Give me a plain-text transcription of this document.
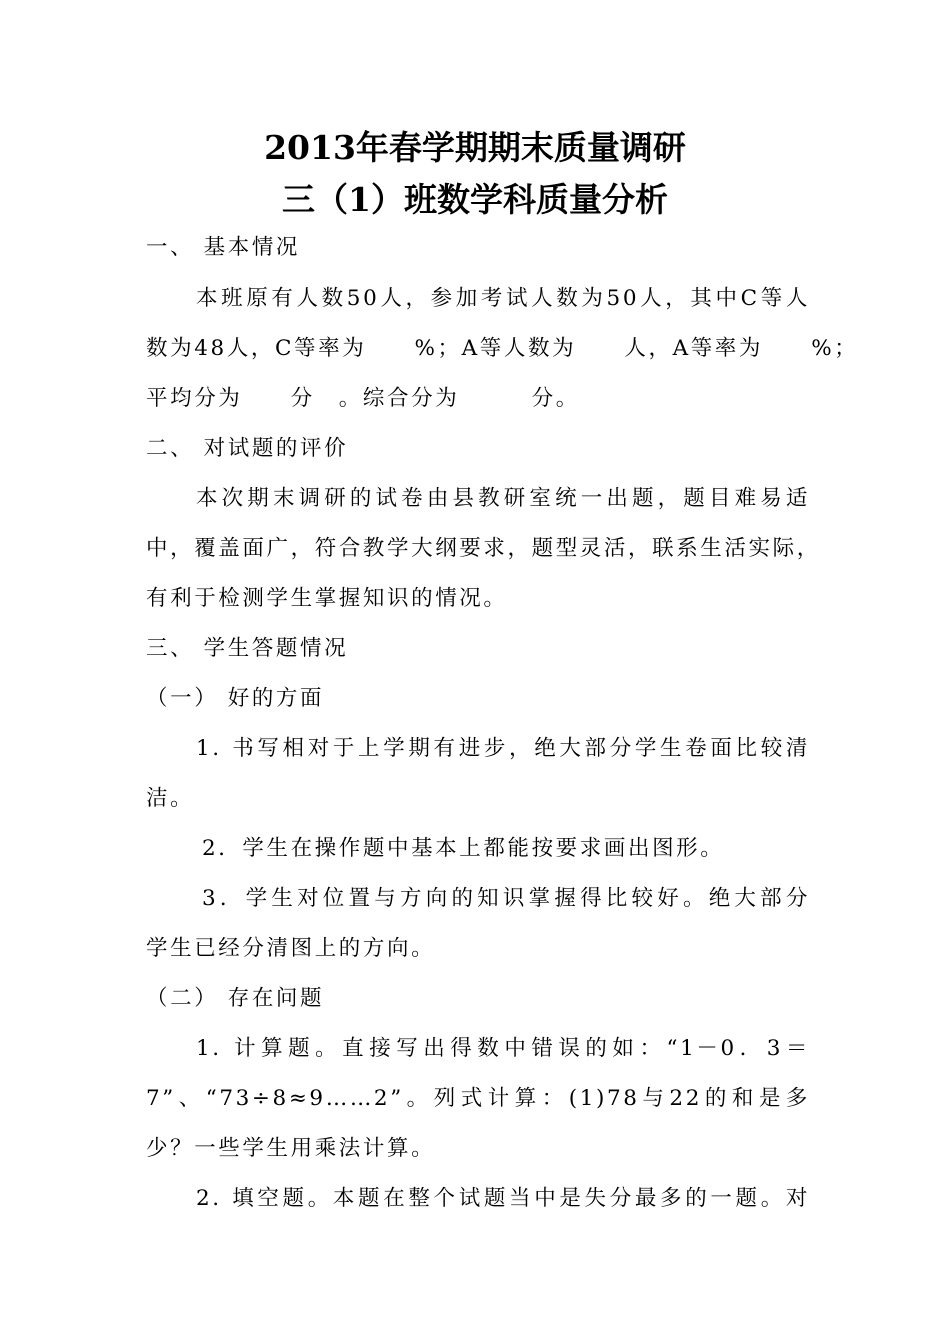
2013年春学期期末质量调研
三（1）班数学科质量分析
一、 基本情况
本班原有人数50人，参加考试人数为50人，其中C等人
数为48人，C等率为　　%；A等人数为　　人，A等率为　　%；
平均分为　　分　。综合分为　　　分。
二、 对试题的评价
本次期末调研的试卷由县教研室统一出题，题目难易适
中，覆盖面广，符合教学大纲要求，题型灵活，联系生活实际，
有利于检测学生掌握知识的情况。
三、 学生答题情况
（一） 好的方面
1. 书写相对于上学期有进步，绝大部分学生卷面比较清
洁。
2．学生在操作题中基本上都能按要求画出图形。
3．学生对位置与方向的知识掌握得比较好。绝大部分
学生已经分清图上的方向。
（二） 存在问题
1. 计算题。直接写出得数中错误的如：“1－0．3＝
7”、“73÷8≈9……2”。列式计算：(1)78与22的和是多
少？一些学生用乘法计算。
2. 填空题。本题在整个试题当中是失分最多的一题。对
